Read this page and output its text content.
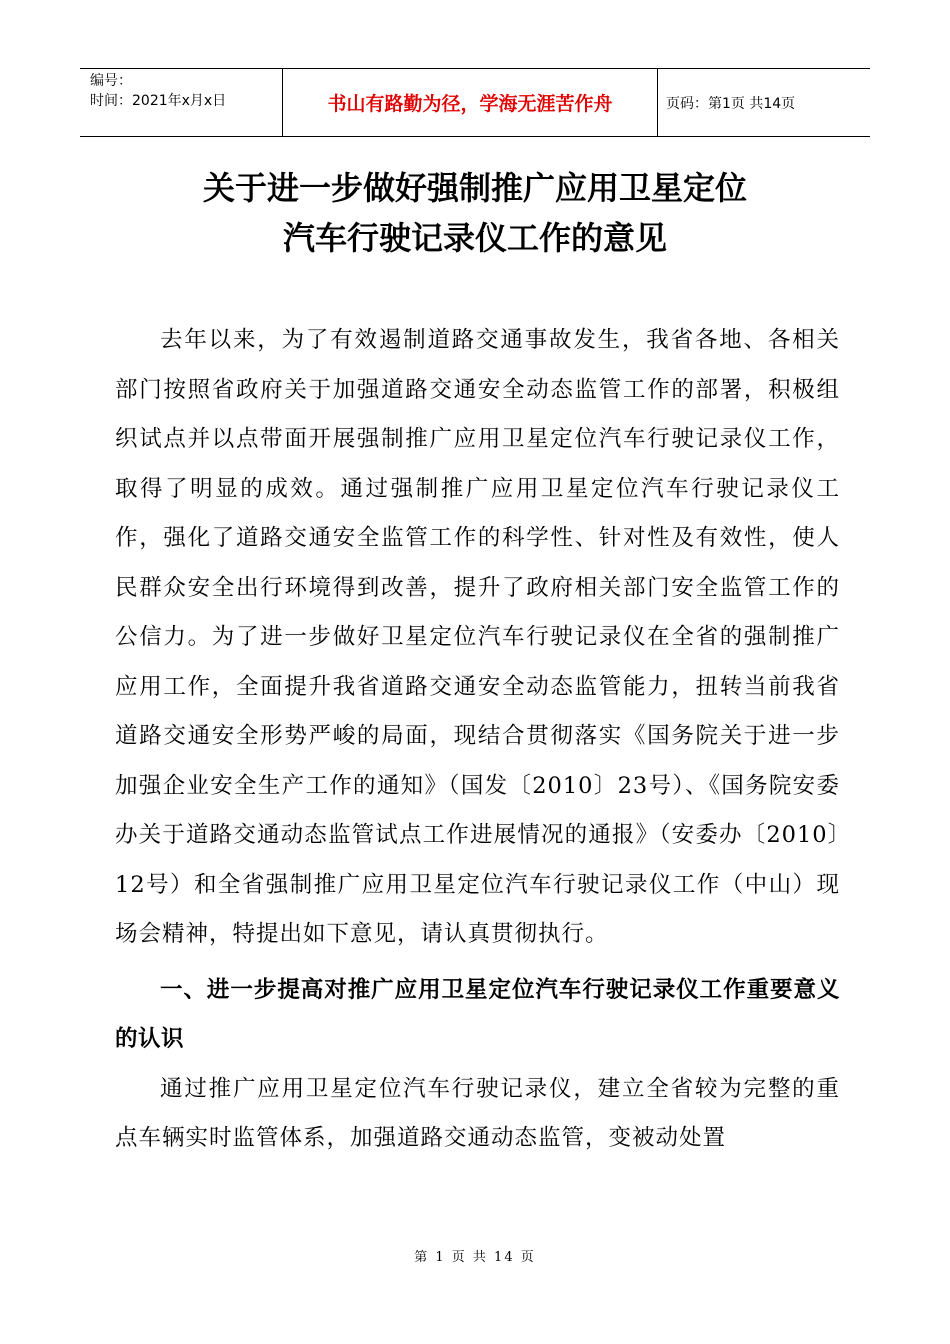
编号：
时间：2021年x月x日	书山有路勤为径，学海无涯苦作舟	页码：第1页 共14页
关于进一步做好强制推广应用卫星定位
汽车行驶记录仪工作的意见

去年以来，为了有效遏制道路交通事故发生，我省各地、各相关部门按照省政府关于加强道路交通安全动态监管工作的部署，积极组织试点并以点带面开展强制推广应用卫星定位汽车行驶记录仪工作，取得了明显的成效。通过强制推广应用卫星定位汽车行驶记录仪工作，强化了道路交通安全监管工作的科学性、针对性及有效性，使人民群众安全出行环境得到改善，提升了政府相关部门安全监管工作的公信力。为了进一步做好卫星定位汽车行驶记录仪在全省的强制推广应用工作，全面提升我省道路交通安全动态监管能力，扭转当前我省道路交通安全形势严峻的局面，现结合贯彻落实《国务院关于进一步加强企业安全生产工作的通知》（国发〔2010〕23号）、《国务院安委办关于道路交通动态监管试点工作进展情况的通报》（安委办〔2010〕12号）和全省强制推广应用卫星定位汽车行驶记录仪工作（中山）现场会精神，特提出如下意见，请认真贯彻执行。

一、进一步提高对推广应用卫星定位汽车行驶记录仪工作重要意义的认识

通过推广应用卫星定位汽车行驶记录仪，建立全省较为完整的重点车辆实时监管体系，加强道路交通动态监管，变被动处置

第 1 页 共 14 页
